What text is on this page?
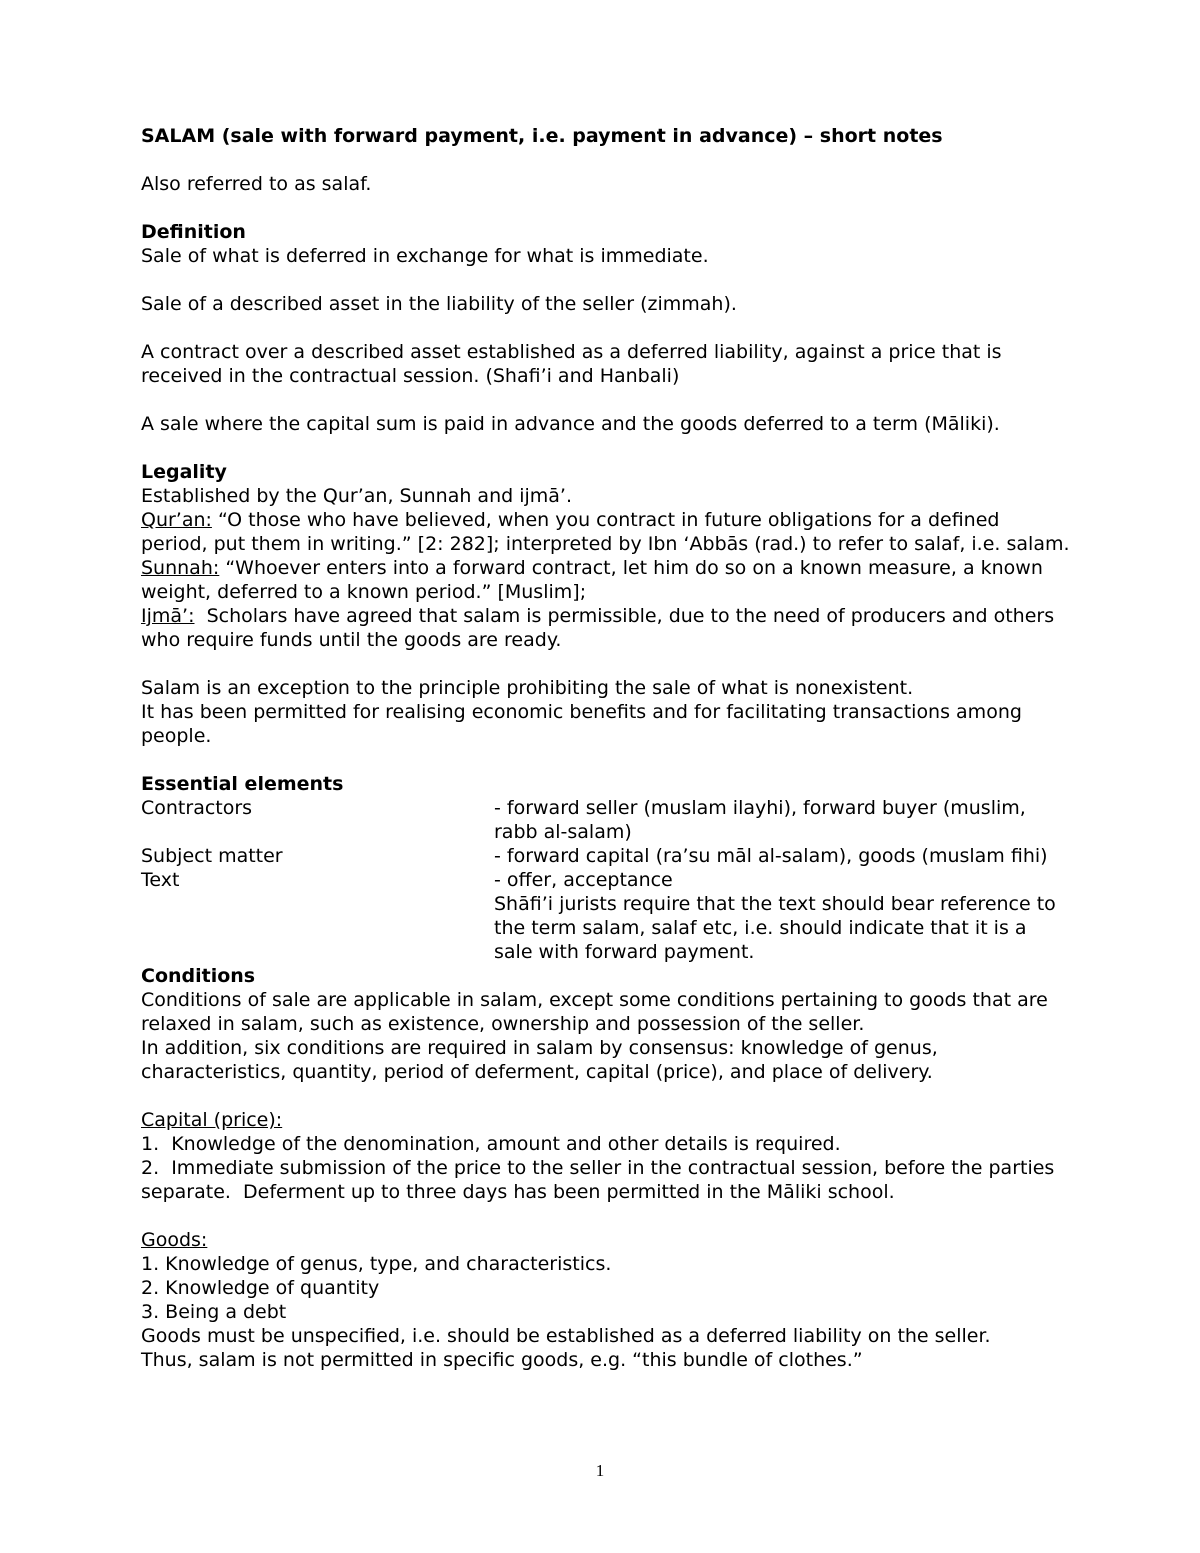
SALAM (sale with forward payment, i.e. payment in advance) – short notes

Also referred to as salaf.

Definition

Sale of what is deferred in exchange for what is immediate.

Sale of a described asset in the liability of the seller (zimmah).

A contract over a described asset established as a deferred liability, against a price that is received in the contractual session. (Shafi’i and Hanbali)

A sale where the capital sum is paid in advance and the goods deferred to a term (Māliki).

Legality

Established by the Qur’an, Sunnah and ijmā’.

Qur’an: “O those who have believed, when you contract in future obligations for a defined period, put them in writing.” [2: 282]; interpreted by Ibn ‘Abbās (rad.) to refer to salaf, i.e. salam.

Sunnah: “Whoever enters into a forward contract, let him do so on a known measure, a known weight, deferred to a known period.” [Muslim];

Ijmā’:  Scholars have agreed that salam is permissible, due to the need of producers and others who require funds until the goods are ready.

Salam is an exception to the principle prohibiting the sale of what is nonexistent.

It has been permitted for realising economic benefits and for facilitating transactions among people.

Essential elements

Contractors	- forward seller (muslam ilayhi), forward buyer (muslim, rabb al-salam)
Subject matter	- forward capital (ra’su māl al-salam), goods (muslam fihi)
Text	- offer, acceptance
Shāfi’i jurists require that the text should bear reference to the term salam, salaf etc, i.e. should indicate that it is a sale with forward payment.

Conditions

Conditions of sale are applicable in salam, except some conditions pertaining to goods that are relaxed in salam, such as existence, ownership and possession of the seller.

In addition, six conditions are required in salam by consensus: knowledge of genus, characteristics, quantity, period of deferment, capital (price), and place of delivery.

Capital (price):

1.  Knowledge of the denomination, amount and other details is required.

2.  Immediate submission of the price to the seller in the contractual session, before the parties separate.  Deferment up to three days has been permitted in the Māliki school.

Goods:

1. Knowledge of genus, type, and characteristics.

2. Knowledge of quantity

3. Being a debt

Goods must be unspecified, i.e. should be established as a deferred liability on the seller.

Thus, salam is not permitted in specific goods, e.g. “this bundle of clothes.”

1
